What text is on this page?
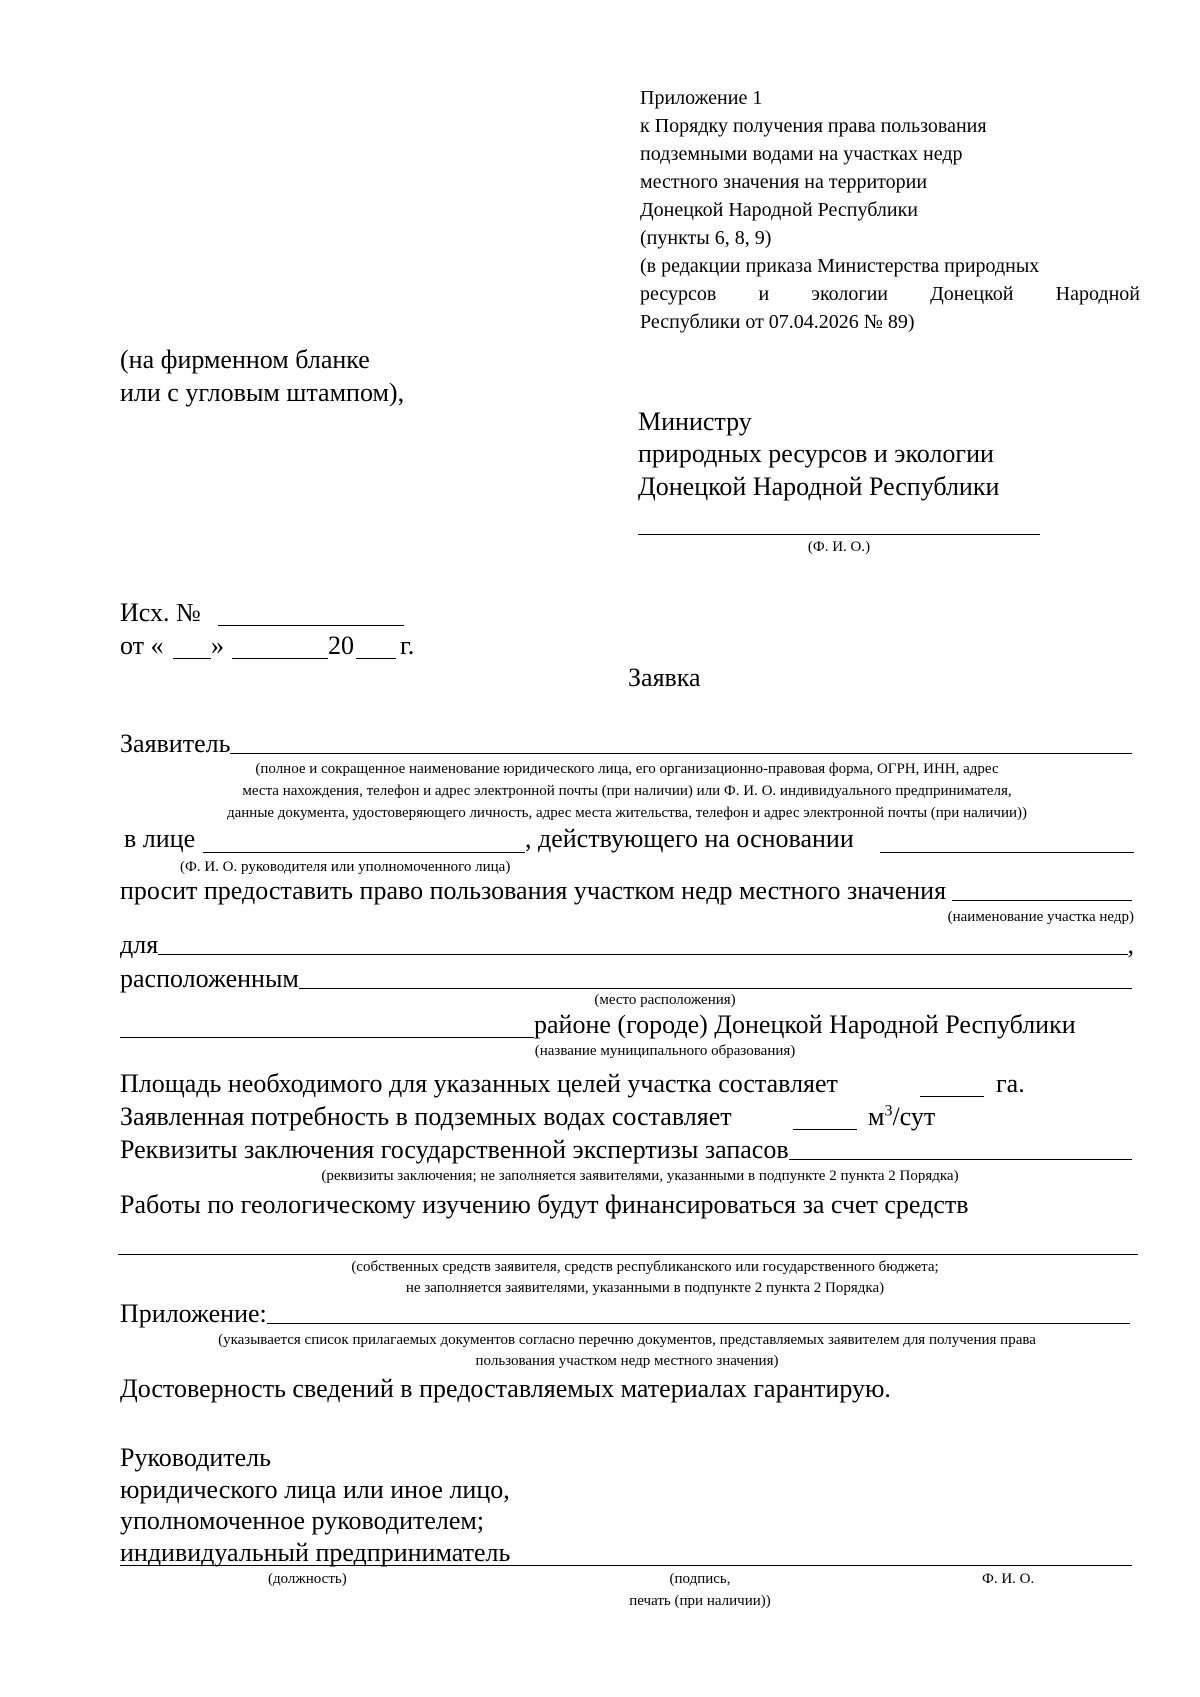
Приложение 1
к Порядку получения права пользования
подземными водами на участках недр
местного значения на территории
Донецкой Народной Республики
(пункты 6, 8, 9)
(в редакции приказа Министерства природных
ресурсов и экологии Донецкой Народной
Республики от 07.04.2026 № 89)
(на фирменном бланке
или с угловым штампом),
Министру
природных ресурсов и экологии
Донецкой Народной Республики
(Ф. И. О.)
Исх. №
от « »	20 г.
Заявка
Заявитель
(полное и сокращенное наименование юридического лица, его организационно-правовая форма, ОГРН, ИНН, адрес
места нахождения, телефон и адрес электронной почты (при наличии) или Ф. И. О. индивидуального предпринимателя,
данные документа, удостоверяющего личность, адрес места жительства, телефон и адрес электронной почты (при наличии))
в лице	, действующего на основании
(Ф. И. О. руководителя или уполномоченного лица)
просит предоставить право пользования участком недр местного значения
(наименование участка недр)
для	,
расположенным
(место расположения)
районе (городе) Донецкой Народной Республики
(название муниципального образования)
Площадь необходимого для указанных целей участка составляет	га.
Заявленная потребность в подземных водах составляет	$м^3$/сут
Реквизиты заключения государственной экспертизы запасов
(реквизиты заключения; не заполняется заявителями, указанными в подпункте 2 пункта 2 Порядка)
Работы по геологическому изучению будут финансироваться за счет средств
(собственных средств заявителя, средств республиканского или государственного бюджета;
не заполняется заявителями, указанными в подпункте 2 пункта 2 Порядка)
Приложение:
(указывается список прилагаемых документов согласно перечню документов, представляемых заявителем для получения права
пользования участком недр местного значения)
Достоверность сведений в предоставляемых материалах гарантирую.
Руководитель
юридического лица или иное лицо,
уполномоченное руководителем;
индивидуальный предприниматель
(должность)	(подпись,
печать (при наличии))
Ф. И. О.
